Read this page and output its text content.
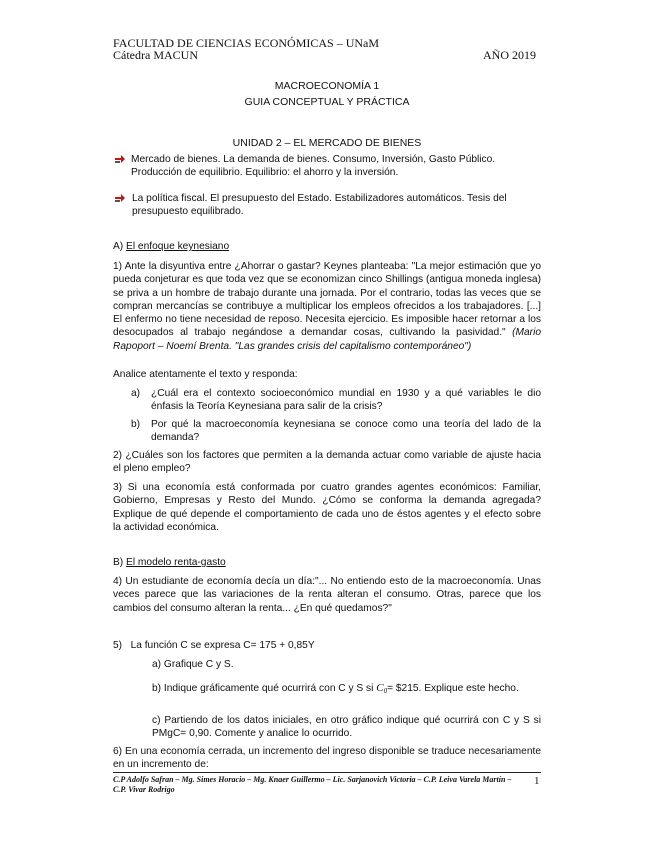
FACULTAD DE CIENCIAS ECONÓMICAS – UNaM
Cátedra MACUN	AÑO 2019
MACROECONOMÍA 1
GUIA CONCEPTUAL Y PRÁCTICA
UNIDAD 2 – EL MERCADO DE BIENES
Mercado de bienes. La demanda de bienes. Consumo, Inversión, Gasto Público. Producción de equilibrio. Equilibrio: el ahorro y la inversión.
La política fiscal. El presupuesto del Estado. Estabilizadores automáticos. Tesis del presupuesto equilibrado.
A) El enfoque keynesiano
1) Ante la disyuntiva entre ¿Ahorrar o gastar? Keynes planteaba: "La mejor estimación que yo pueda conjeturar es que toda vez que se economizan cinco Shillings (antigua moneda inglesa) se priva a un hombre de trabajo durante una jornada. Por el contrario, todas las veces que se compran mercancías se contribuye a multiplicar los empleos ofrecidos a los trabajadores. [...] El enfermo no tiene necesidad de reposo. Necesita ejercicio. Es imposible hacer retornar a los desocupados al trabajo negándose a demandar cosas, cultivando la pasividad." (Mario Rapoport – Noemí Brenta. "Las grandes crisis del capitalismo contemporáneo")
Analice atentamente el texto y responda:
a) ¿Cuál era el contexto socioeconómico mundial en 1930 y a qué variables le dio énfasis la Teoría Keynesiana para salir de la crisis?
b) Por qué la macroeconomía keynesiana se conoce como una teoría del lado de la demanda?
2) ¿Cuáles son los factores que permiten a la demanda actuar como variable de ajuste hacia el pleno empleo?
3) Si una economía está conformada por cuatro grandes agentes económicos: Familiar, Gobierno, Empresas y Resto del Mundo. ¿Cómo se conforma la demanda agregada? Explique de qué depende el comportamiento de cada uno de éstos agentes y el efecto sobre la actividad económica.
B) El modelo renta-gasto
4) Un estudiante de economía decía un día:"... No entiendo esto de la macroeconomía. Unas veces parece que las variaciones de la renta alteran el consumo. Otras, parece que los cambios del consumo alteran la renta... ¿En qué quedamos?"
5) La función C se expresa C= 175 + 0,85Y
a) Grafique C y S.
b) Indique gráficamente qué ocurrirá con C y S si $C_0=$ $215. Explique este hecho.
c) Partiendo de los datos iniciales, en otro gráfico indique qué ocurrirá con C y S si PMgC= 0,90. Comente y analice lo ocurrido.
6) En una economía cerrada, un incremento del ingreso disponible se traduce necesariamente en un incremento de:
C.P Adolfo Safran – Mg. Simes Horacio – Mg. Knaer Guillermo – Lic. Sarjanovich Victoria – C.P. Leiva Varela Martín – C.P. Vivar Rodrigo
1
